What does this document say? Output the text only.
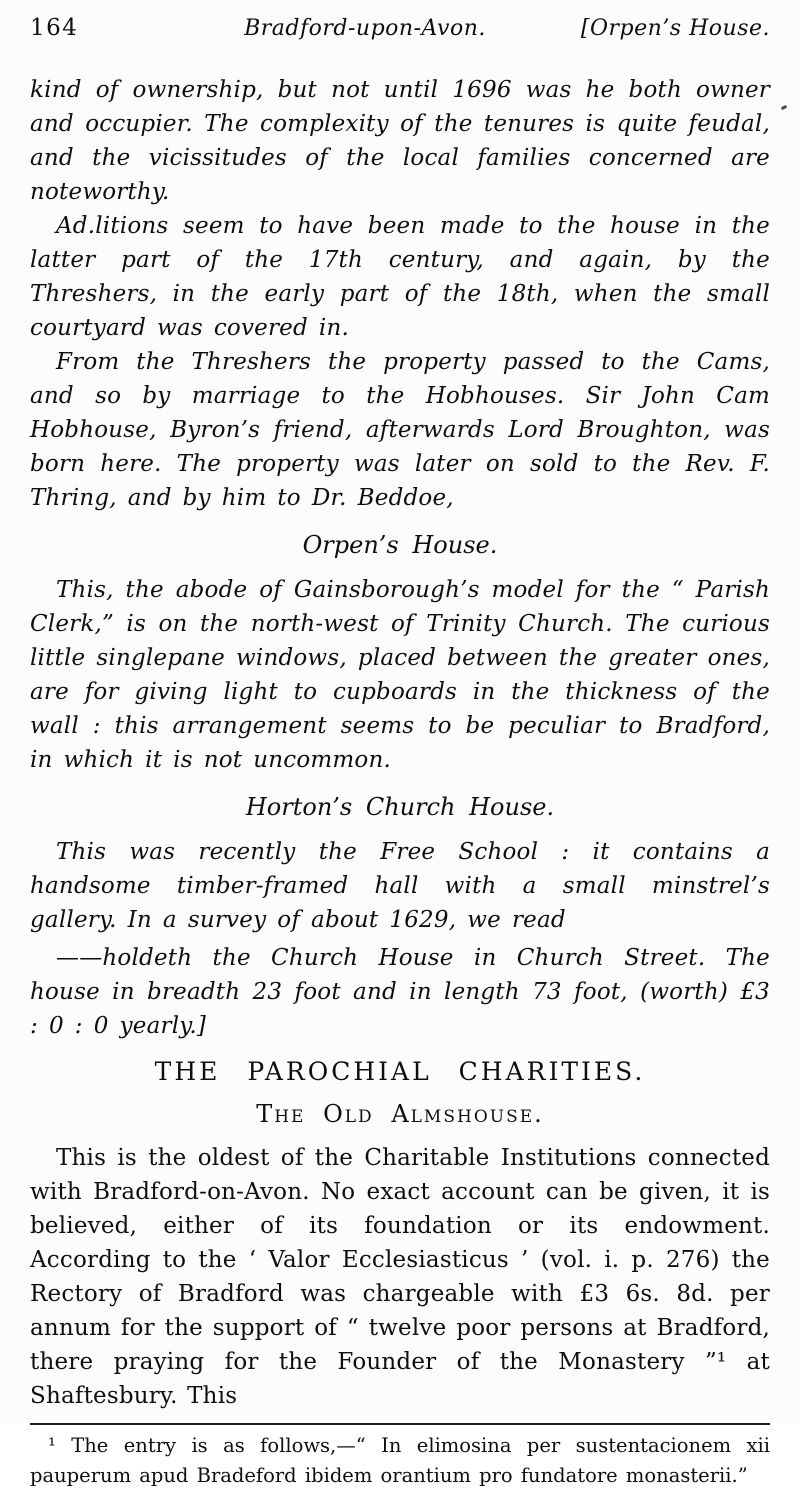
164	Bradford-upon-Avon.	[Orpen’s House.

kind of ownership, but not until 1696 was he both owner and occupier. The complexity of the tenures is quite feudal, and the vicissitudes of the local families concerned are noteworthy.

Ad.litions seem to have been made to the house in the latter part of the 17th century, and again, by the Threshers, in the early part of the 18th, when the small courtyard was covered in.

From the Threshers the property passed to the Cams, and so by marriage to the Hobhouses. Sir John Cam Hobhouse, Byron’s friend, afterwards Lord Broughton, was born here. The property was later on sold to the Rev. F. Thring, and by him to Dr. Beddoe,

Orpen’s House.

This, the abode of Gainsborough’s model for the “ Parish Clerk,” is on the north-west of Trinity Church. The curious little singlepane windows, placed between the greater ones, are for giving light to cupboards in the thickness of the wall : this arrangement seems to be peculiar to Bradford, in which it is not uncommon.

Horton’s Church House.

This was recently the Free School : it contains a handsome timber-framed hall with a small minstrel’s gallery. In a survey of about 1629, we read

——holdeth the Church House in Church Street. The house in breadth 23 foot and in length 73 foot, (worth) £3 : 0 : 0 yearly.]

THE PAROCHIAL CHARITIES.
The Old Almshouse.

This is the oldest of the Charitable Institutions connected with Bradford-on-Avon. No exact account can be given, it is believed, either of its foundation or its endowment. According to the ‘ Valor Ecclesiasticus ’ (vol. i. p. 276) the Rectory of Bradford was chargeable with £3 6s. 8d. per annum for the support of “ twelve poor persons at Bradford, there praying for the Founder of the Monastery ”¹ at Shaftesbury. This

¹ The entry is as follows,—“ In elimosina per sustentacionem xii pauperum apud Bradeford ibidem orantium pro fundatore monasterii.”
